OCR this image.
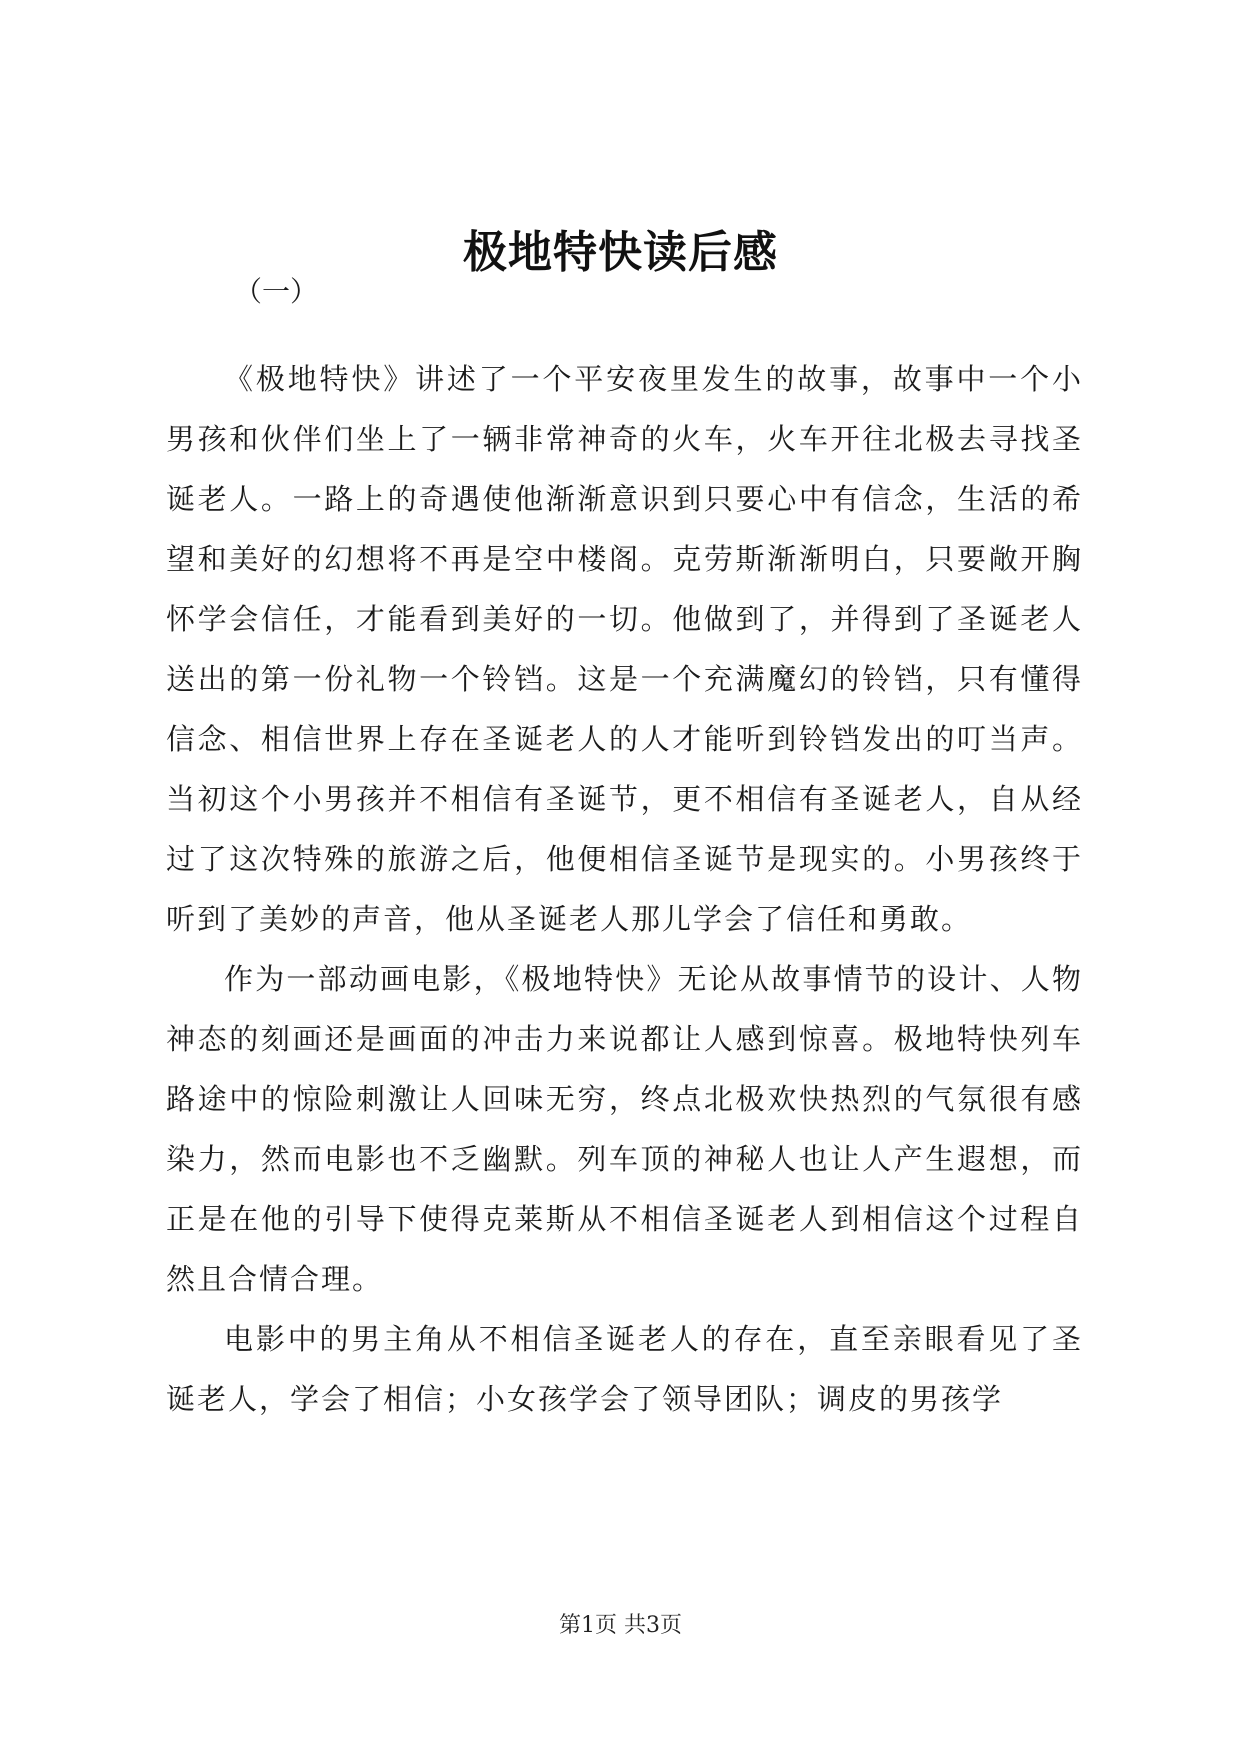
极地特快读后感
（一）

《极地特快》讲述了一个平安夜里发生的故事，故事中一个小男孩和伙伴们坐上了一辆非常神奇的火车，火车开往北极去寻找圣诞老人。一路上的奇遇使他渐渐意识到只要心中有信念，生活的希望和美好的幻想将不再是空中楼阁。克劳斯渐渐明白，只要敞开胸怀学会信任，才能看到美好的一切。他做到了，并得到了圣诞老人送出的第一份礼物一个铃铛。这是一个充满魔幻的铃铛，只有懂得信念、相信世界上存在圣诞老人的人才能听到铃铛发出的叮当声。当初这个小男孩并不相信有圣诞节，更不相信有圣诞老人，自从经过了这次特殊的旅游之后，他便相信圣诞节是现实的。小男孩终于听到了美妙的声音，他从圣诞老人那儿学会了信任和勇敢。

作为一部动画电影，《极地特快》无论从故事情节的设计、人物神态的刻画还是画面的冲击力来说都让人感到惊喜。极地特快列车路途中的惊险刺激让人回味无穷，终点北极欢快热烈的气氛很有感染力，然而电影也不乏幽默。列车顶的神秘人也让人产生遐想，而正是在他的引导下使得克莱斯从不相信圣诞老人到相信这个过程自然且合情合理。

电影中的男主角从不相信圣诞老人的存在，直至亲眼看见了圣诞老人，学会了相信；小女孩学会了领导团队；调皮的男孩学

第1页 共3页
